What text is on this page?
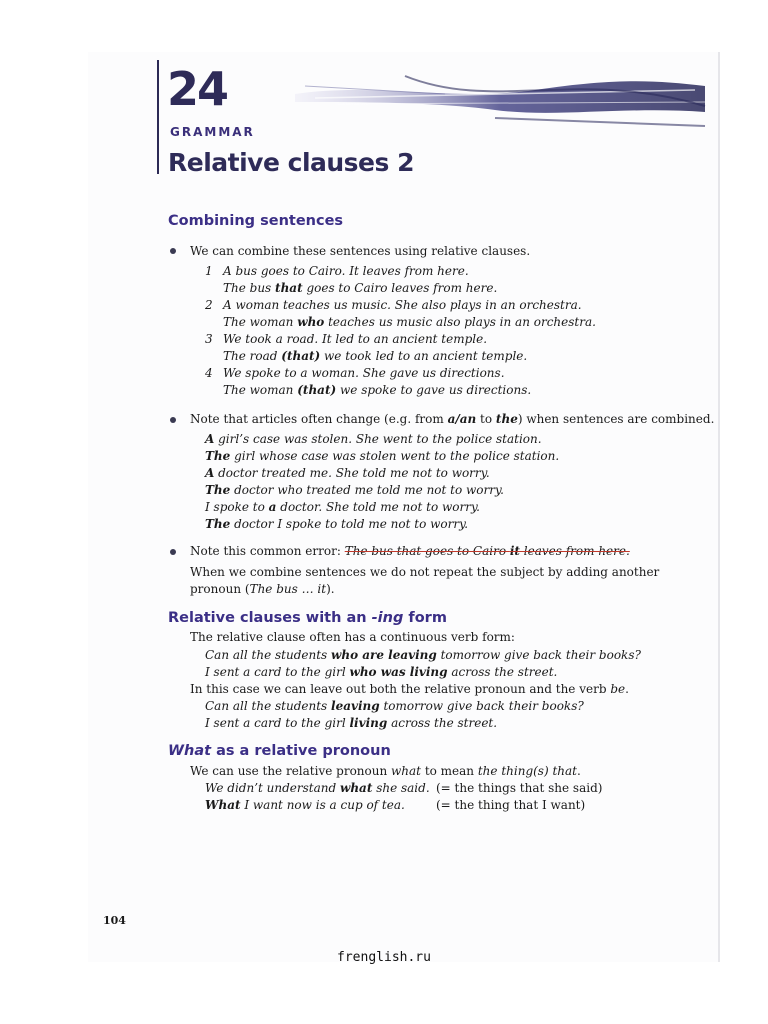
24
GRAMMAR
Relative clauses 2
Combining sentences
We can combine these sentences using relative clauses.
1 A bus goes to Cairo. It leaves from here.
The bus that goes to Cairo leaves from here.
2 A woman teaches us music. She also plays in an orchestra.
The woman who teaches us music also plays in an orchestra.
3 We took a road. It led to an ancient temple.
The road (that) we took led to an ancient temple.
4 We spoke to a woman. She gave us directions.
The woman (that) we spoke to gave us directions.
Note that articles often change (e.g. from a/an to the) when sentences are combined.
A girl’s case was stolen. She went to the police station.
The girl whose case was stolen went to the police station.
A doctor treated me. She told me not to worry.
The doctor who treated me told me not to worry.
I spoke to a doctor. She told me not to worry.
The doctor I spoke to told me not to worry.
Note this common error: The bus that goes to Cairo it leaves from here.
When we combine sentences we do not repeat the subject by adding another
pronoun (The bus … it).
Relative clauses with an -ing form
The relative clause often has a continuous verb form:
Can all the students who are leaving tomorrow give back their books?
I sent a card to the girl who was living across the street.
In this case we can leave out both the relative pronoun and the verb be.
Can all the students leaving tomorrow give back their books?
I sent a card to the girl living across the street.
What as a relative pronoun
We can use the relative pronoun what to mean the thing(s) that.
We didn’t understand what she said. (= the things that she said)
What I want now is a cup of tea.	(= the thing that I want)
104
frenglish.ru
